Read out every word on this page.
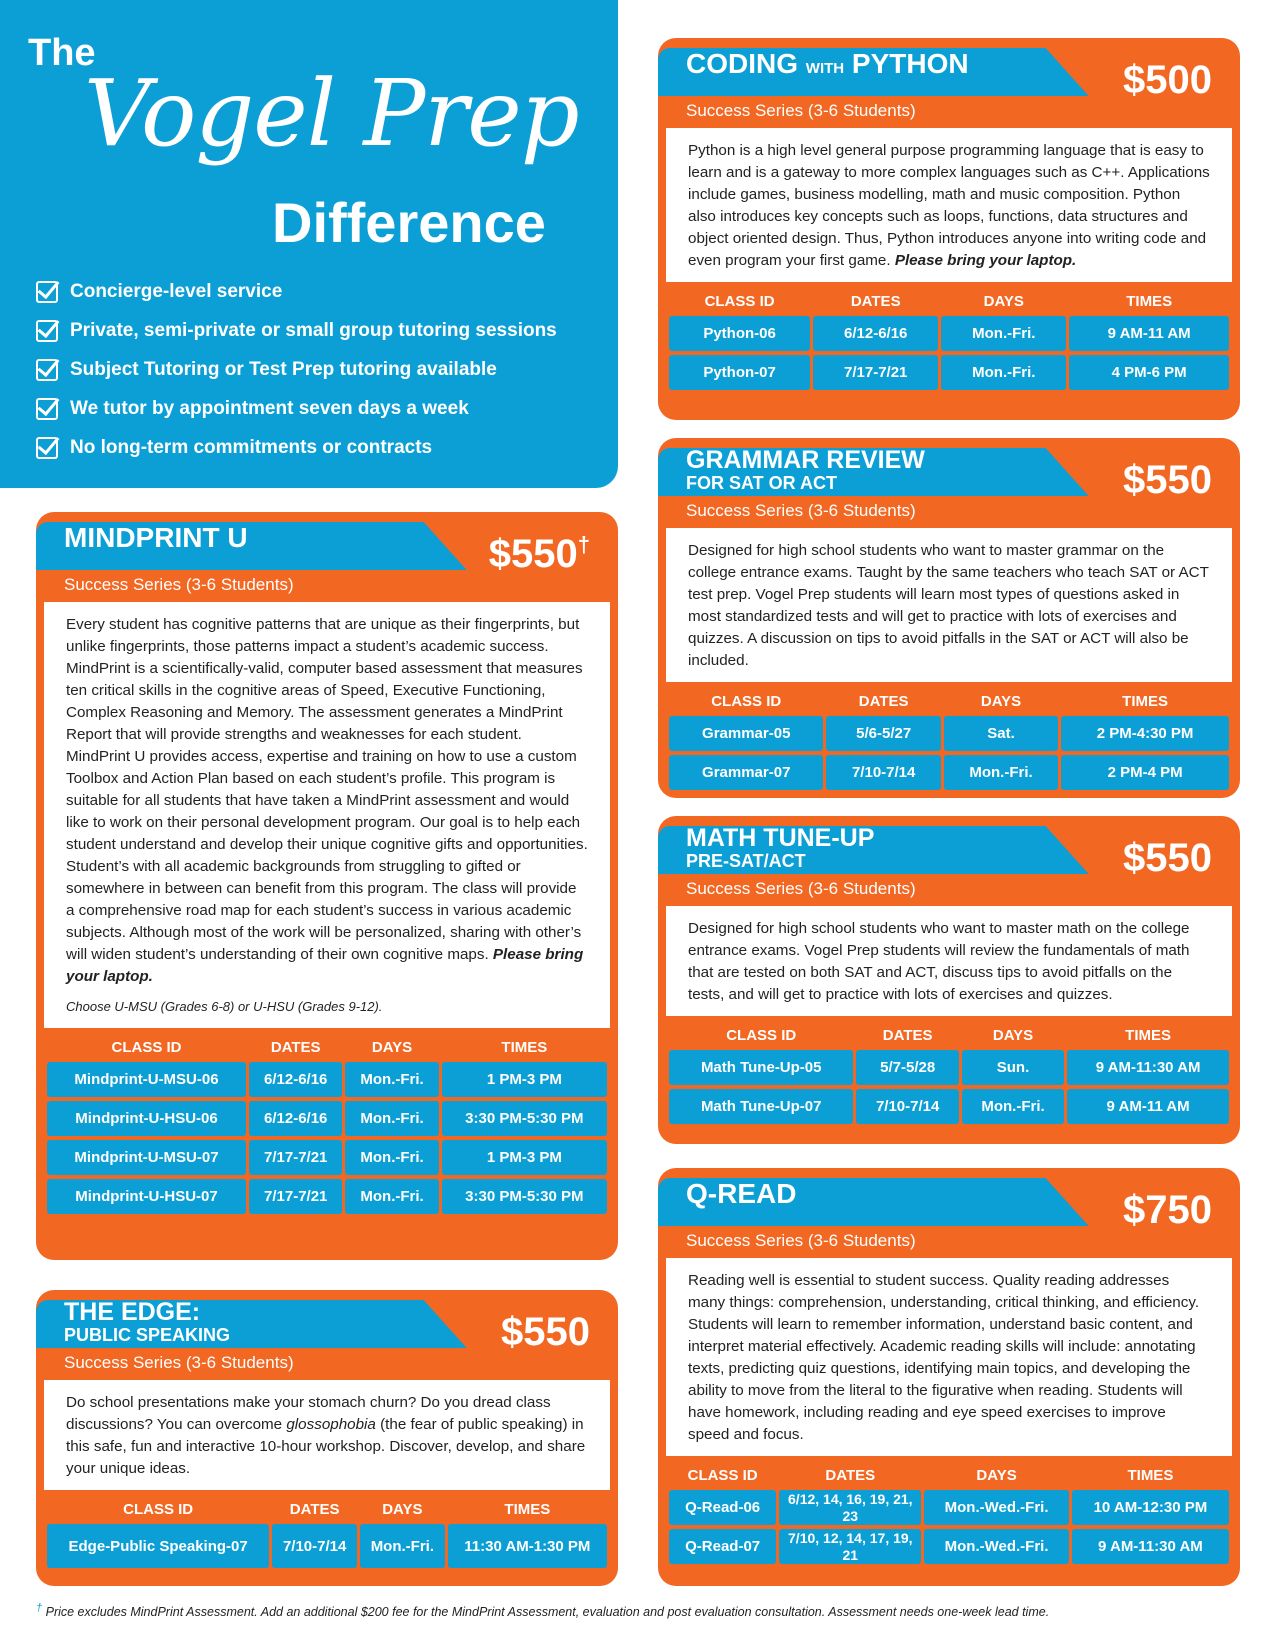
The
Vogel Prep
Difference
Concierge-level service
Private, semi-private or small group tutoring sessions
Subject Tutoring or Test Prep tutoring available
We tutor by appointment seven days a week
No long-term commitments or contracts
MINDPRINT U
Success Series (3-6 Students)
$550†
Every student has cognitive patterns that are unique as their fingerprints, but unlike fingerprints, those patterns impact a student’s academic success. MindPrint is a scientifically-valid, computer based assessment that measures ten critical skills in the cognitive areas of Speed, Executive Functioning, Complex Reasoning and Memory. The assessment generates a MindPrint Report that will provide strengths and weaknesses for each student. MindPrint U provides access, expertise and training on how to use a custom Toolbox and Action Plan based on each student’s profile. This program is suitable for all students that have taken a MindPrint assessment and would like to work on their personal development program. Our goal is to help each student understand and develop their unique cognitive gifts and opportunities. Student’s with all academic backgrounds from struggling to gifted or somewhere in between can benefit from this program. The class will provide a comprehensive road map for each student’s success in various academic subjects. Although most of the work will be personalized, sharing with other’s will widen student’s understanding of their own cognitive maps. Please bring your laptop.
Choose U-MSU (Grades 6-8) or U-HSU (Grades 9-12).
CLASS ID	DATES	DAYS	TIMES
Mindprint-U-MSU-06	6/12-6/16	Mon.-Fri.	1 PM-3 PM
Mindprint-U-HSU-06	6/12-6/16	Mon.-Fri.	3:30 PM-5:30 PM
Mindprint-U-MSU-07	7/17-7/21	Mon.-Fri.	1 PM-3 PM
Mindprint-U-HSU-07	7/17-7/21	Mon.-Fri.	3:30 PM-5:30 PM
THE EDGE:
PUBLIC SPEAKING
Success Series (3-6 Students)
$550
Do school presentations make your stomach churn? Do you dread class discussions? You can overcome glossophobia (the fear of public speaking) in this safe, fun and interactive 10-hour workshop. Discover, develop, and share your unique ideas.
CLASS ID	DATES	DAYS	TIMES
Edge-Public Speaking-07	7/10-7/14	Mon.-Fri.	11:30 AM-1:30 PM
CODING WITH PYTHON
Success Series (3-6 Students)
$500
Python is a high level general purpose programming language that is easy to learn and is a gateway to more complex languages such as C++. Applications include games, business modelling, math and music composition. Python also introduces key concepts such as loops, functions, data structures and object oriented design. Thus, Python introduces anyone into writing code and even program your first game. Please bring your laptop.
CLASS ID	DATES	DAYS	TIMES
Python-06	6/12-6/16	Mon.-Fri.	9 AM-11 AM
Python-07	7/17-7/21	Mon.-Fri.	4 PM-6 PM
GRAMMAR REVIEW
FOR SAT OR ACT
Success Series (3-6 Students)
$550
Designed for high school students who want to master grammar on the college entrance exams. Taught by the same teachers who teach SAT or ACT test prep. Vogel Prep students will learn most types of questions asked in most standardized tests and will get to practice with lots of exercises and quizzes. A discussion on tips to avoid pitfalls in the SAT or ACT will also be included.
CLASS ID	DATES	DAYS	TIMES
Grammar-05	5/6-5/27	Sat.	2 PM-4:30 PM
Grammar-07	7/10-7/14	Mon.-Fri.	2 PM-4 PM
MATH TUNE-UP
PRE-SAT/ACT
Success Series (3-6 Students)
$550
Designed for high school students who want to master math on the college entrance exams. Vogel Prep students will review the fundamentals of math that are tested on both SAT and ACT, discuss tips to avoid pitfalls on the tests, and will get to practice with lots of exercises and quizzes.
CLASS ID	DATES	DAYS	TIMES
Math Tune-Up-05	5/7-5/28	Sun.	9 AM-11:30 AM
Math Tune-Up-07	7/10-7/14	Mon.-Fri.	9 AM-11 AM
Q-READ
Success Series (3-6 Students)
$750
Reading well is essential to student success. Quality reading addresses many things: comprehension, understanding, critical thinking, and efficiency. Students will learn to remember information, understand basic content, and interpret material effectively. Academic reading skills will include: annotating texts, predicting quiz questions, identifying main topics, and developing the ability to move from the literal to the figurative when reading. Students will have homework, including reading and eye speed exercises to improve speed and focus.
CLASS ID	DATES	DAYS	TIMES
Q-Read-06	6/12, 14, 16, 19, 21, 23	Mon.-Wed.-Fri.	10 AM-12:30 PM
Q-Read-07	7/10, 12, 14, 17, 19, 21	Mon.-Wed.-Fri.	9 AM-11:30 AM
† Price excludes MindPrint Assessment. Add an additional $200 fee for the MindPrint Assessment, evaluation and post evaluation consultation. Assessment needs one-week lead time.
